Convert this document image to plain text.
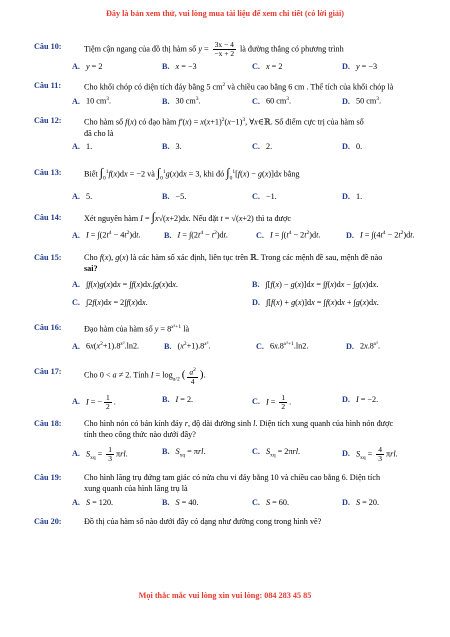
Đây là bản xem thử, vui lòng mua tài liệu để xem chi tiết (có lời giải)
Câu 10:	Tiệm cận ngang của đồ thị hàm số $y = \frac{3x - 4}{-x + 2}$ là đường thẳng có phương trình
A. y = 2	B. x = −3	C. x = 2	D. y = −3
Câu 11:	Cho khối chóp có diện tích đáy bằng 5 $cm^2$ và chiều cao bằng 6 cm . Thể tích của khối chóp là
A. 10 $cm^3$.	B. 30 $cm^3$.	C. 60 $cm^3$.	D. 50 $cm^3$.
Câu 12:	Cho hàm số f(x) có đạo hàm $f'(x) = x(x+1)^2(x-1)^3$, ∀x∈ℝ. Số điểm cực trị của hàm số
đã cho là
A. 1.	B. 3.	C. 2.	D. 0.
Câu 13:	Biết $\int_0^1f(x)dx = -2$ và $\int_0^1g(x)dx = 3$, khi đó $\int_0^1[f(x) - g(x)]dx$ bằng
A. 5.	B. −5.	C. −1.	D. 1.
Câu 14:	Xét nguyên hàm I = ∫x√(x+2)dx. Nếu đặt t = √(x+2) thì ta được
A. $I = \int(2t^4 - 4t^2)dt$.	B. $I = \int(2t^4 - t^2)dt$.	C. $I = \int(t^4 - 2t^2)dt$.	D. $I = \int(4t^4 - 2t^2)dt$.
Câu 15:	Cho f(x), g(x) là các hàm số xác định, liên tục trên ℝ. Trong các mệnh đề sau, mệnh đề nào
sai?
A. ∫f(x)g(x)dx = ∫f(x)dx.∫g(x)dx.	B. ∫[f(x) − g(x)]dx = ∫f(x)dx − ∫g(x)dx.
C. ∫2f(x)dx = 2∫f(x)dx.	D. ∫[f(x) + g(x)]dx = ∫f(x)dx + ∫g(x)dx.
Câu 16:	Đạo hàm của hàm số $y = 8^{x^2+1}$ là
A. $6x(x^2+1).8^{x^2}.\ln 2$.	B. $(x^2+1).8^{x^2}$.	C. $6x.8^{x^2+1}.\ln 2$.	D. $2x.8^{x^2}$.
Câu 17:	Cho 0 < a ≠ 2. Tính $I = \log_{a/2}$ ( $\frac{a^2}{4}$ ).
A. I = − $\frac{1}{2}$ .	B. I = 2.	C. $I = \frac{1}{2}$ .	D. I = −2.
Câu 18:	Cho hình nón có bán kính đáy r, độ dài đường sinh l. Diện tích xung quanh của hình nón được
tính theo công thức nào dưới đây?
A. $S_{xq} = \frac{1}{3} \pi rl$.	B. $S_{xq} = \pi rl$.	C. $S_{xq} = 2\pi rl$.	D. $S_{xq} = \frac{4}{3} \pi rl$.
Câu 19:	Cho hình lăng trụ đứng tam giác có nửa chu vi đáy bằng 10 và chiều cao bằng 6. Diện tích
xung quanh của hình lăng trụ là
A. S = 120.	B. S = 40.	C. S = 60.	D. S = 20.
Câu 20:	Đồ thị của hàm số nào dưới đây có dạng như đường cong trong hình vẽ?
Mọi thắc mắc vui lòng xin vui lòng: 084 283 45 85
